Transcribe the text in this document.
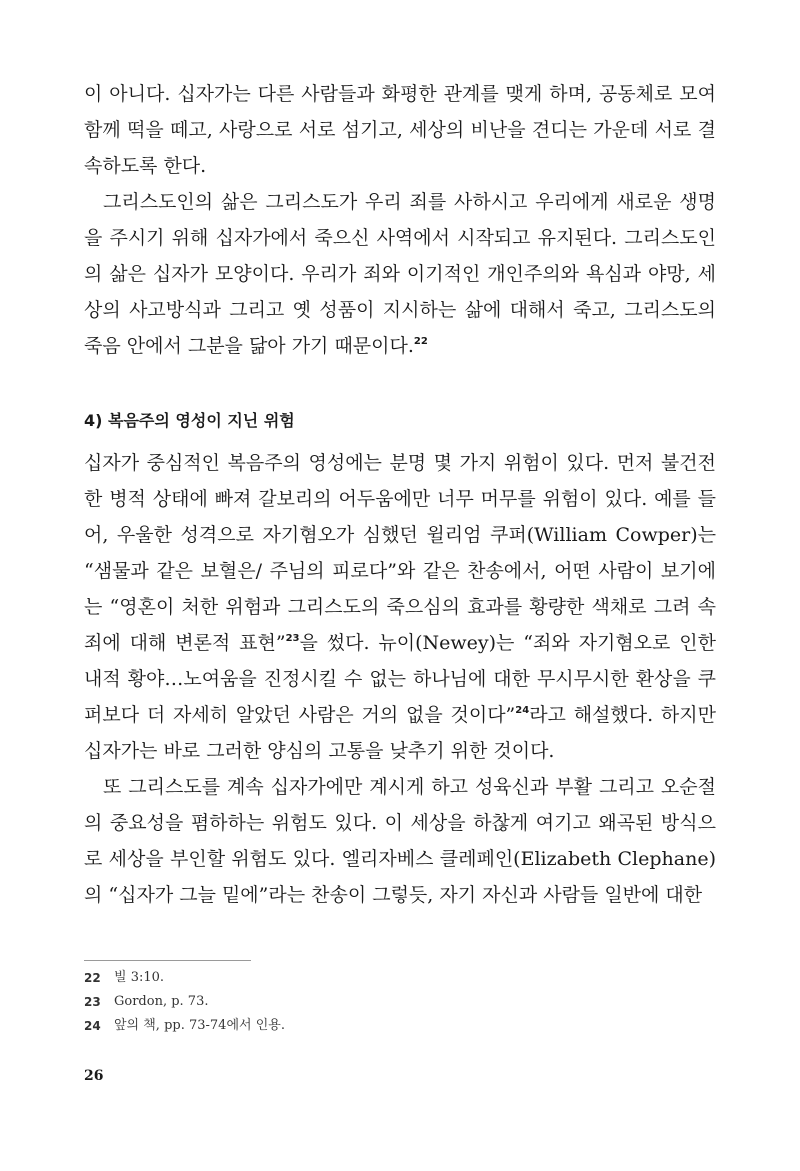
이 아니다. 십자가는 다른 사람들과 화평한 관계를 맺게 하며, 공동체로 모여 함께 떡을 떼고, 사랑으로 서로 섬기고, 세상의 비난을 견디는 가운데 서로 결속하도록 한다.

그리스도인의 삶은 그리스도가 우리 죄를 사하시고 우리에게 새로운 생명을 주시기 위해 십자가에서 죽으신 사역에서 시작되고 유지된다. 그리스도인의 삶은 십자가 모양이다. 우리가 죄와 이기적인 개인주의와 욕심과 야망, 세상의 사고방식과 그리고 옛 성품이 지시하는 삶에 대해서 죽고, 그리스도의 죽음 안에서 그분을 닮아 가기 때문이다.$^{22}$

4) 복음주의 영성이 지닌 위험

십자가 중심적인 복음주의 영성에는 분명 몇 가지 위험이 있다. 먼저 불건전한 병적 상태에 빠져 갈보리의 어두움에만 너무 머무를 위험이 있다. 예를 들어, 우울한 성격으로 자기혐오가 심했던 윌리엄 쿠퍼(William Cowper)는 “샘물과 같은 보혈은/ 주님의 피로다”와 같은 찬송에서, 어떤 사람이 보기에는 “영혼이 처한 위험과 그리스도의 죽으심의 효과를 황량한 색채로 그려 속죄에 대해 변론적 표현”$^{23}$을 썼다. 뉴이(Newey)는 “죄와 자기혐오로 인한 내적 황야…노여움을 진정시킬 수 없는 하나님에 대한 무시무시한 환상을 쿠퍼보다 더 자세히 알았던 사람은 거의 없을 것이다”$^{24}$라고 해설했다. 하지만 십자가는 바로 그러한 양심의 고통을 낮추기 위한 것이다.

또 그리스도를 계속 십자가에만 계시게 하고 성육신과 부활 그리고 오순절의 중요성을 폄하하는 위험도 있다. 이 세상을 하찮게 여기고 왜곡된 방식으로 세상을 부인할 위험도 있다. 엘리자베스 클레페인(Elizabeth Clephane)의 “십자가 그늘 밑에”라는 찬송이 그렇듯, 자기 자신과 사람들 일반에 대한

22	빌 3:10.
23	Gordon, p. 73.
24	앞의 책, pp. 73-74에서 인용.
26
